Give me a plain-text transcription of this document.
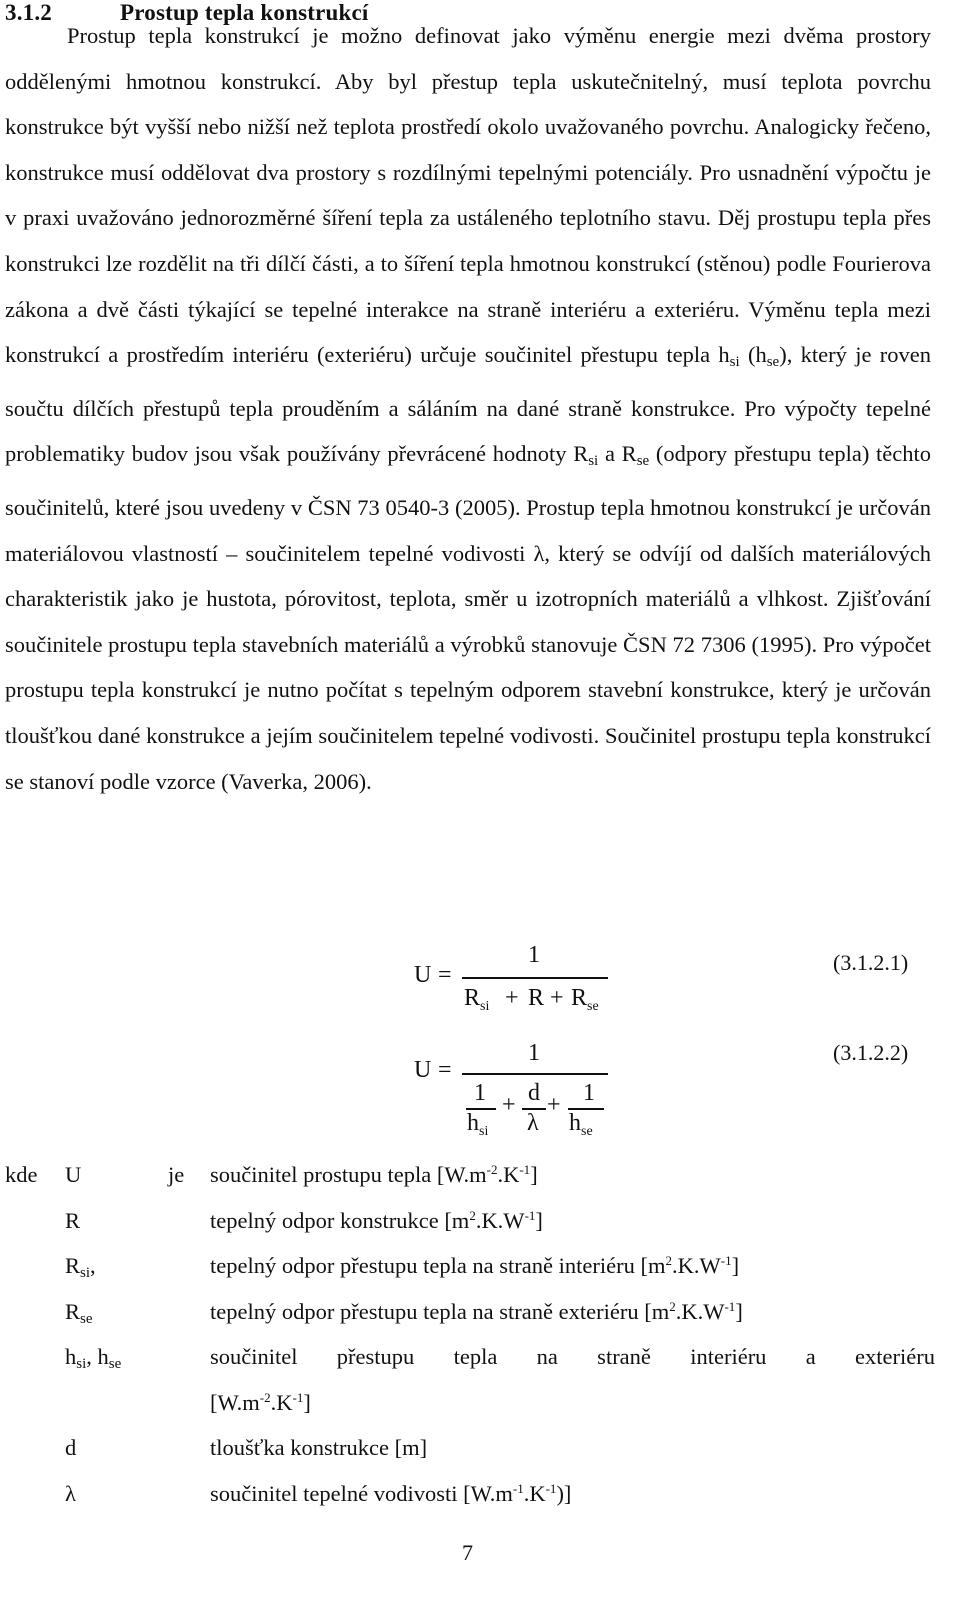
3.1.2	Prostup tepla konstrukcí
Prostup tepla konstrukcí je možno definovat jako výměnu energie mezi dvěma prostory oddělenými hmotnou konstrukcí. Aby byl přestup tepla uskutečnitelný, musí teplota povrchu konstrukce být vyšší nebo nižší než teplota prostředí okolo uvažovaného povrchu. Analogicky řečeno, konstrukce musí oddělovat dva prostory s rozdílnými tepelnými potenciály. Pro usnadnění výpočtu je v praxi uvažováno jednorozměrné šíření tepla za ustáleného teplotního stavu. Děj prostupu tepla přes konstrukci lze rozdělit na tři dílčí části, a to šíření tepla hmotnou konstrukcí (stěnou) podle Fourierova zákona a dvě části týkající se tepelné interakce na straně interiéru a exteriéru. Výměnu tepla mezi konstrukcí a prostředím interiéru (exteriéru) určuje součinitel přestupu tepla $h_{si}$ $(h_{se})$, který je roven součtu dílčích přestupů tepla prouděním a sáláním na dané straně konstrukce. Pro výpočty tepelné problematiky budov jsou však používány převrácené hodnoty $R_{si}$ a $R_{se}$ (odpory přestupu tepla) těchto součinitelů, které jsou uvedeny v ČSN 73 0540-3 (2005). Prostup tepla hmotnou konstrukcí je určován materiálovou vlastností – součinitelem tepelné vodivosti λ, který se odvíjí od dalších materiálových charakteristik jako je hustota, pórovitost, teplota, směr u izotropních materiálů a vlhkost. Zjišťování součinitele prostupu tepla stavebních materiálů a výrobků stanovuje ČSN 72 7306 (1995). Pro výpočet prostupu tepla konstrukcí je nutno počítat s tepelným odporem stavební konstrukce, který je určován tloušťkou dané konstrukce a jejím součinitelem tepelné vodivosti. Součinitel prostupu tepla konstrukcí se stanoví podle vzorce (Vaverka, 2006).
U =
1
$R_{si} + R + R_{se}$
(3.1.2.1)
U =
1
1
$h_{si}$
+ d
λ
+ 1
$h_{se}$
(3.1.2.2)
kde U	je součinitel prostupu tepla $[W.m^{-2}.K^{-1}]$
R	tepelný odpor konstrukce $[m^2.K.W^{-1}]$
$R_{si}$,	tepelný odpor přestupu tepla na straně interiéru $[m^2.K.W^{-1}]$
$R_{se}$	tepelný odpor přestupu tepla na straně exteriéru $[m^2.K.W^{-1}]$
$h_{si}$, $h_{se}$	součinitel přestupu tepla na straně interiéru a exteriéru
$[W.m^{-2}.K^{-1}]$
d	tloušťka konstrukce [m]
λ	součinitel tepelné vodivosti $[W.m^{-1}.K^{-1})$]
7
